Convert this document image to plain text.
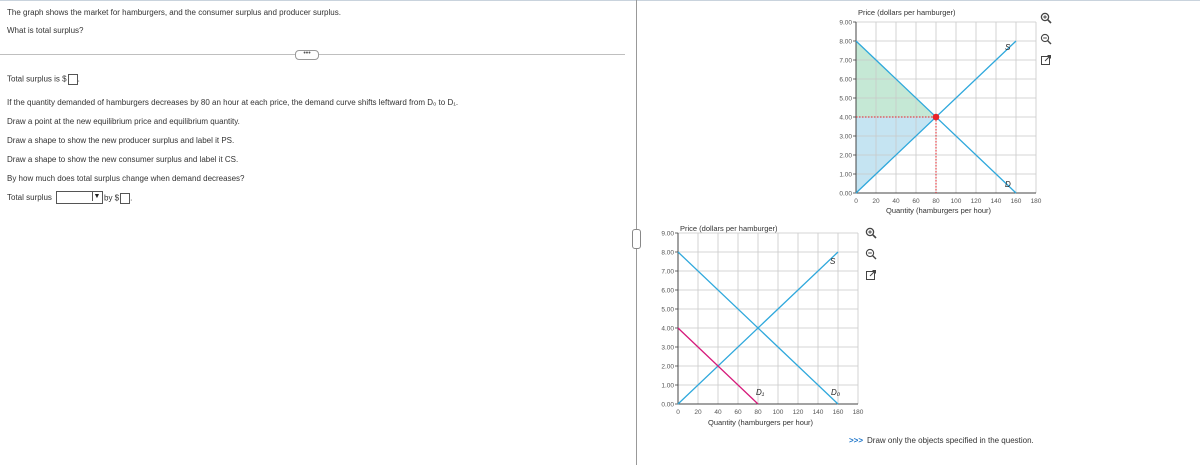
The graph shows the market for hamburgers, and the consumer surplus and producer surplus.
What is total surplus?
•••
Total surplus is $ .
If the quantity demanded of hamburgers decreases by 80 an hour at each price, the demand curve shifts leftward from D₀ to D₁.
Draw a point at the new equilibrium price and equilibrium quantity.
Draw a shape to show the new producer surplus and label it PS.
Draw a shape to show the new consumer surplus and label it CS.
By how much does total surplus change when demand decreases?
Total surplus	▼ by $ .	0 20 40 60 80 100 120 140 160 180
0.00
1.00
2.00
3.00
4.00
5.00
6.00
7.00
8.00
9.00
Price (dollars per hamburger)
Quantity (hamburgers per hour)
S
D
0 20 40 60 80 100 120 140 160 180
0.00
1.00
2.00
3.00
4.00
5.00
6.00
7.00
8.00
9.00
Price (dollars per hamburger)
Quantity (hamburgers per hour)
S
D₀
D₁
>>> Draw only the objects specified in the question.
